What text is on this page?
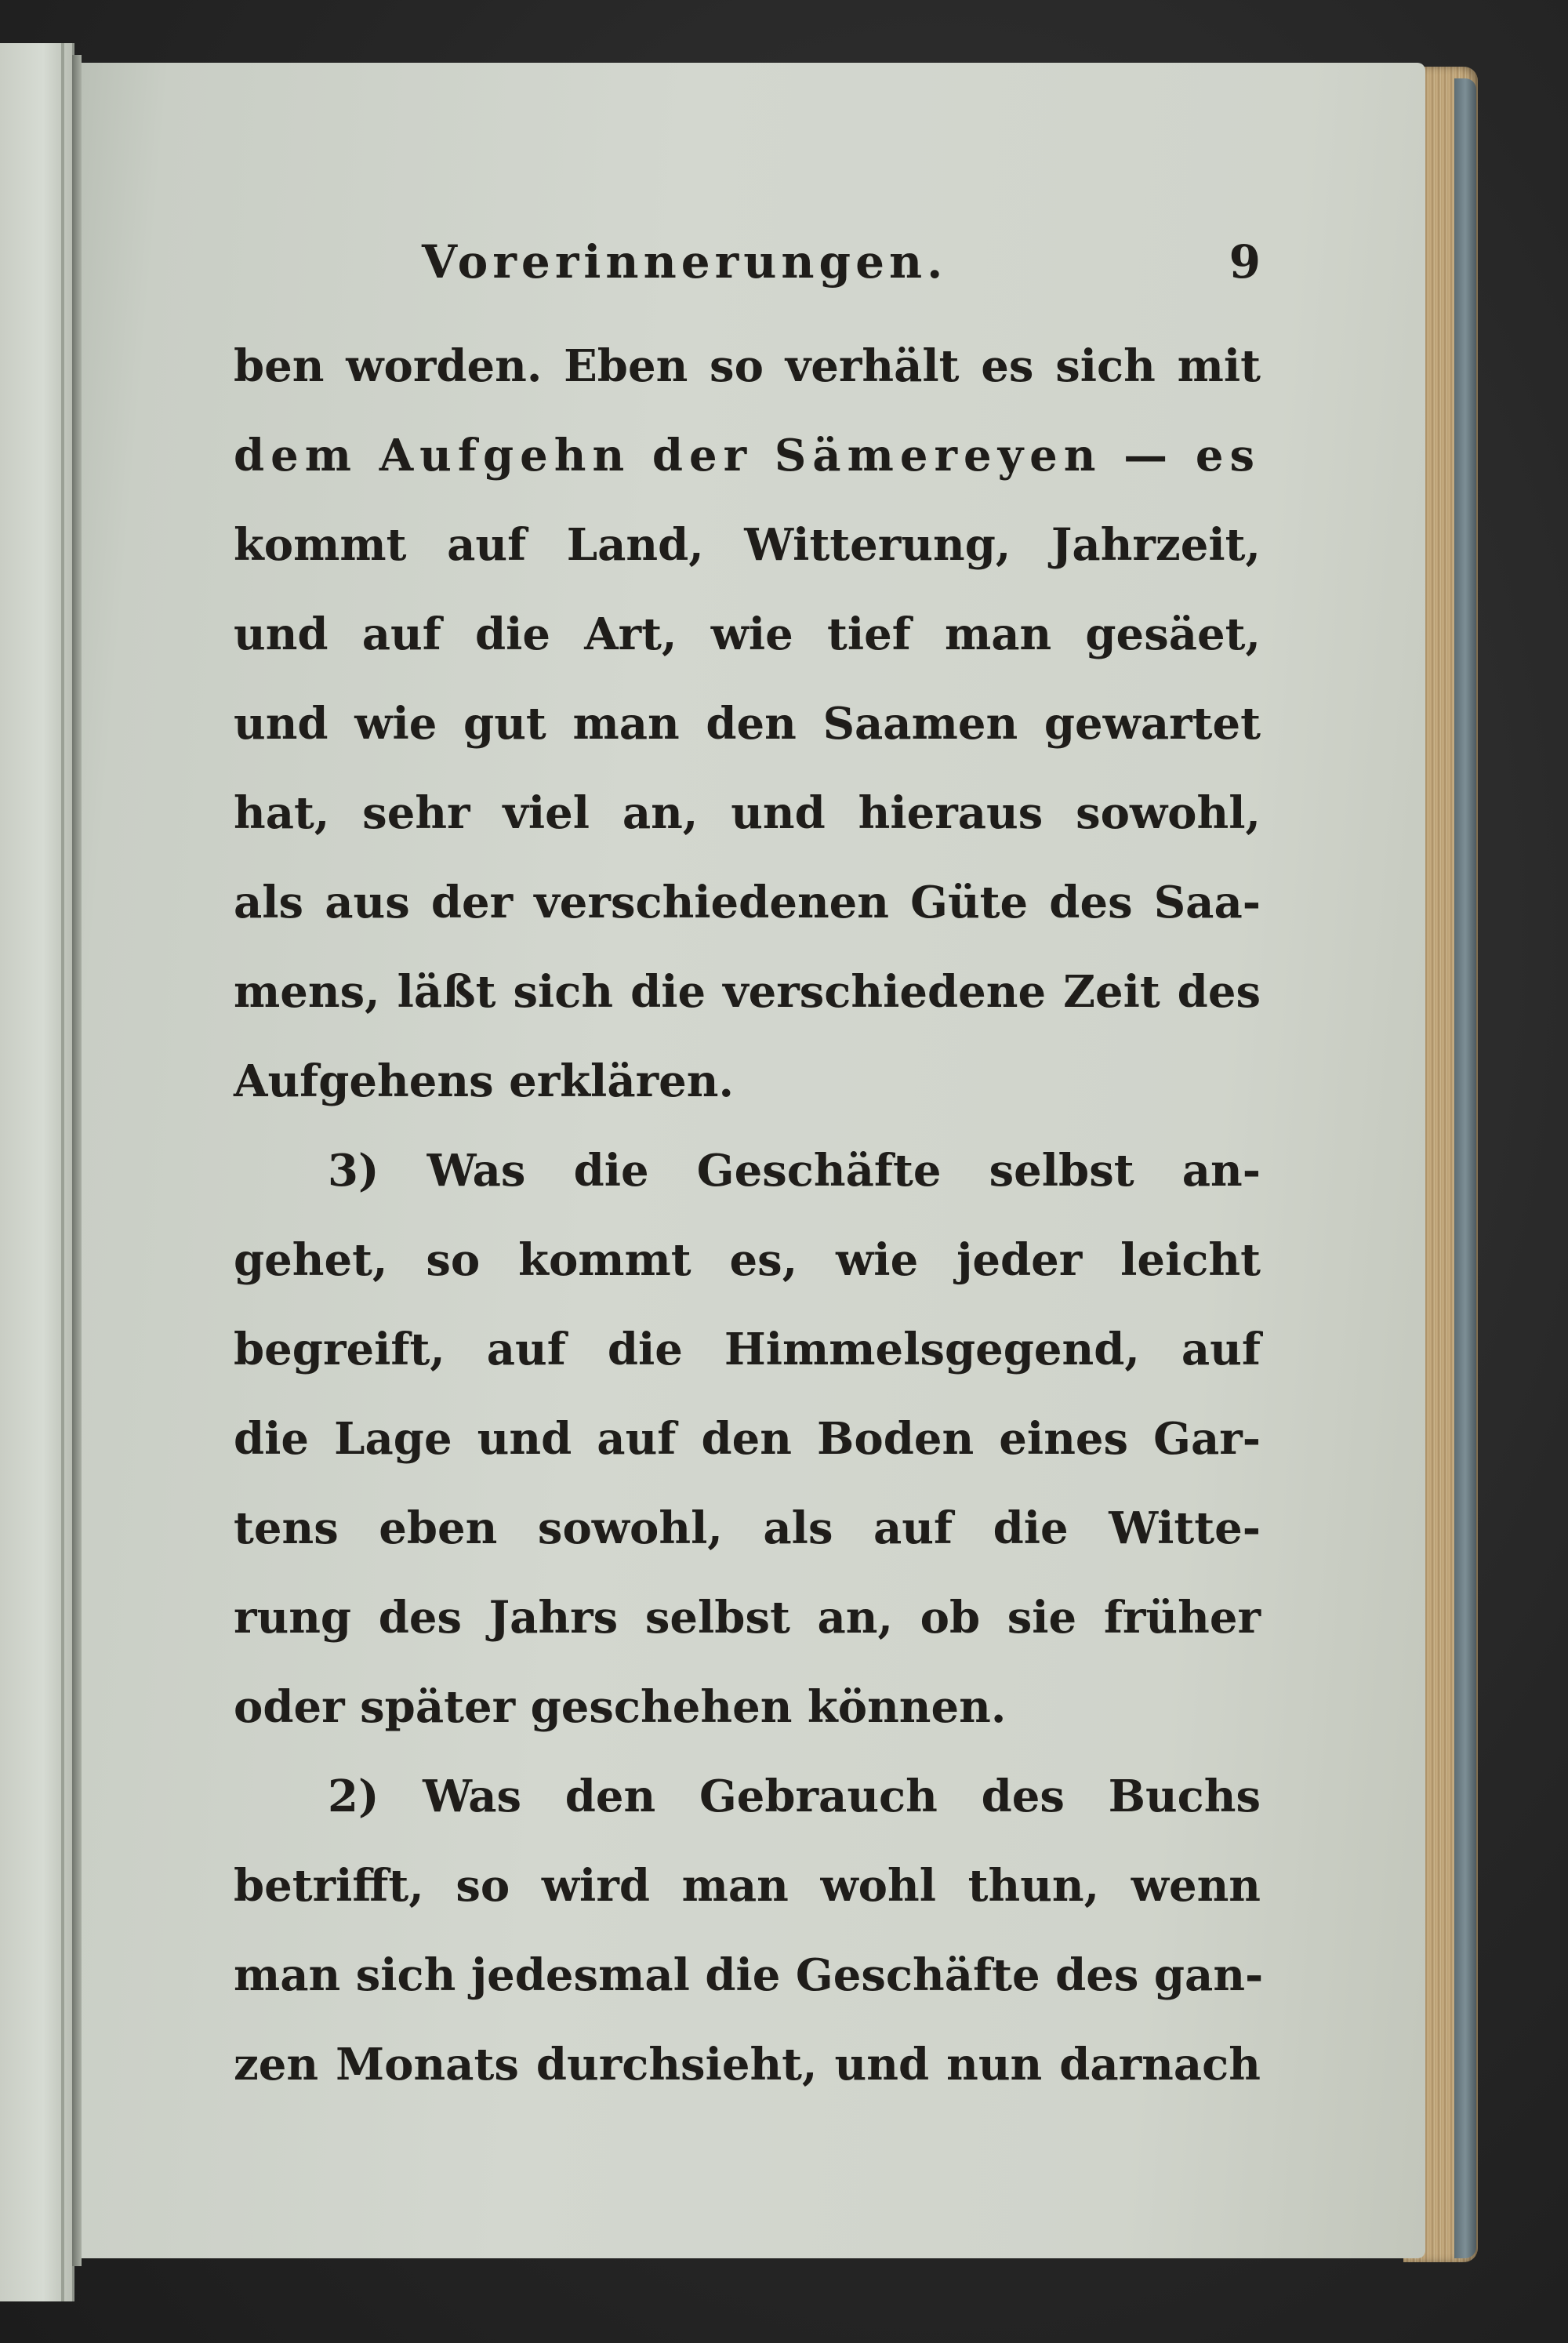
Vorerinnerungen.	9
ben worden. Eben so verhält es sich mit
dem Aufgehn der Sämereyen — es
kommt auf Land, Witterung, Jahrzeit,
und auf die Art, wie tief man gesäet,
und wie gut man den Saamen gewartet
hat, sehr viel an, und hieraus sowohl,
als aus der verschiedenen Güte des Saa-
mens, läßt sich die verschiedene Zeit des
Aufgehens erklären.
3) Was die Geschäfte selbst an-
gehet, so kommt es, wie jeder leicht
begreift, auf die Himmelsgegend, auf
die Lage und auf den Boden eines Gar-
tens eben sowohl, als auf die Witte-
rung des Jahrs selbst an, ob sie früher
oder später geschehen können.
2) Was den Gebrauch des Buchs
betrifft, so wird man wohl thun, wenn
man sich jedesmal die Geschäfte des gan-
zen Monats durchsieht, und nun darnach
